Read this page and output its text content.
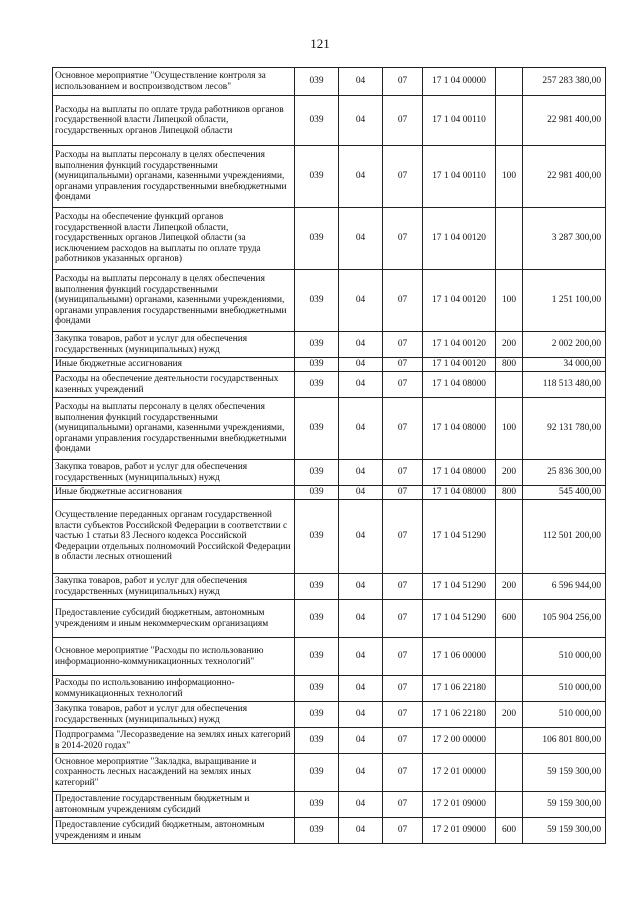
121
Основное мероприятие "Осуществление контроля за использованием и воспроизводством лесов"	039	04	07	17 1 04 00000		257 283 380,00
Расходы на выплаты по оплате труда работников органов государственной власти Липецкой области, государственных органов Липецкой области	039	04	07	17 1 04 00110		22 981 400,00
Расходы на выплаты персоналу в целях обеспечения выполнения функций государственными (муниципальными) органами, казенными учреждениями, органами управления государственными внебюджетными фондами	039	04	07	17 1 04 00110	100	22 981 400,00
Расходы на обеспечение функций органов государственной власти Липецкой области, государственных органов Липецкой области (за исключением расходов на выплаты по оплате труда работников указанных органов)	039	04	07	17 1 04 00120		3 287 300,00
Расходы на выплаты персоналу в целях обеспечения выполнения функций государственными (муниципальными) органами, казенными учреждениями, органами управления государственными внебюджетными фондами	039	04	07	17 1 04 00120	100	1 251 100,00
Закупка товаров, работ и услуг для обеспечения государственных (муниципальных) нужд	039	04	07	17 1 04 00120	200	2 002 200,00
Иные бюджетные ассигнования	039	04	07	17 1 04 00120	800	34 000,00
Расходы на обеспечение деятельности государственных казенных учреждений	039	04	07	17 1 04 08000		118 513 480,00
Расходы на выплаты персоналу в целях обеспечения выполнения функций государственными (муниципальными) органами, казенными учреждениями, органами управления государственными внебюджетными фондами	039	04	07	17 1 04 08000	100	92 131 780,00
Закупка товаров, работ и услуг для обеспечения государственных (муниципальных) нужд	039	04	07	17 1 04 08000	200	25 836 300,00
Иные бюджетные ассигнования	039	04	07	17 1 04 08000	800	545 400,00
Осуществление переданных органам государственной власти субъектов Российской Федерации в соответствии с частью 1 статьи 83 Лесного кодекса Российской Федерации отдельных полномочий Российской Федерации в области лесных отношений	039	04	07	17 1 04 51290		112 501 200,00
Закупка товаров, работ и услуг для обеспечения государственных (муниципальных) нужд	039	04	07	17 1 04 51290	200	6 596 944,00
Предоставление субсидий бюджетным, автономным учреждениям и иным некоммерческим организациям	039	04	07	17 1 04 51290	600	105 904 256,00
Основное мероприятие "Расходы по использованию информационно-коммуникационных технологий"	039	04	07	17 1 06 00000		510 000,00
Расходы по использованию информационно-коммуникационных технологий	039	04	07	17 1 06 22180		510 000,00
Закупка товаров, работ и услуг для обеспечения государственных (муниципальных) нужд	039	04	07	17 1 06 22180	200	510 000,00
Подпрограмма "Лесоразведение на землях иных категорий в 2014-2020 годах"	039	04	07	17 2 00 00000		106 801 800,00
Основное мероприятие "Закладка, выращивание и сохранность лесных насаждений на землях иных категорий"	039	04	07	17 2 01 00000		59 159 300,00
Предоставление государственным бюджетным и автономным учреждениям субсидий	039	04	07	17 2 01 09000		59 159 300,00
Предоставление субсидий бюджетным, автономным учреждениям и иным	039	04	07	17 2 01 09000	600	59 159 300,00
